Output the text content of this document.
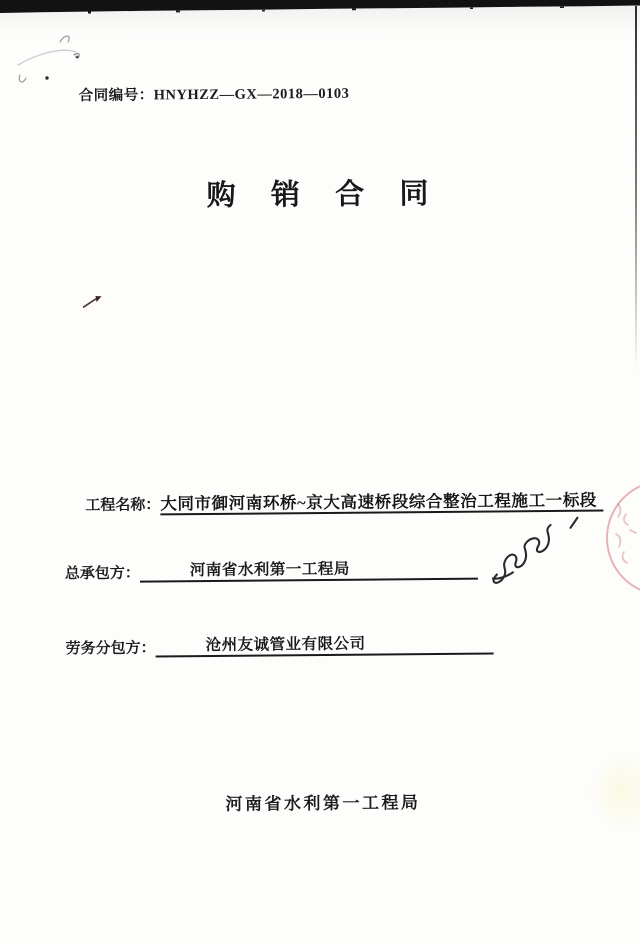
合同编号：HNYHZZ—GX—2018—0103
购 销 合 同
工程名称：大同市御河南环桥~京大高速桥段综合整治工程施工一标段
总承包方：	河南省水利第一工程局
劳务分包方：	沧州友诚管业有限公司
河南省水利第一工程局
